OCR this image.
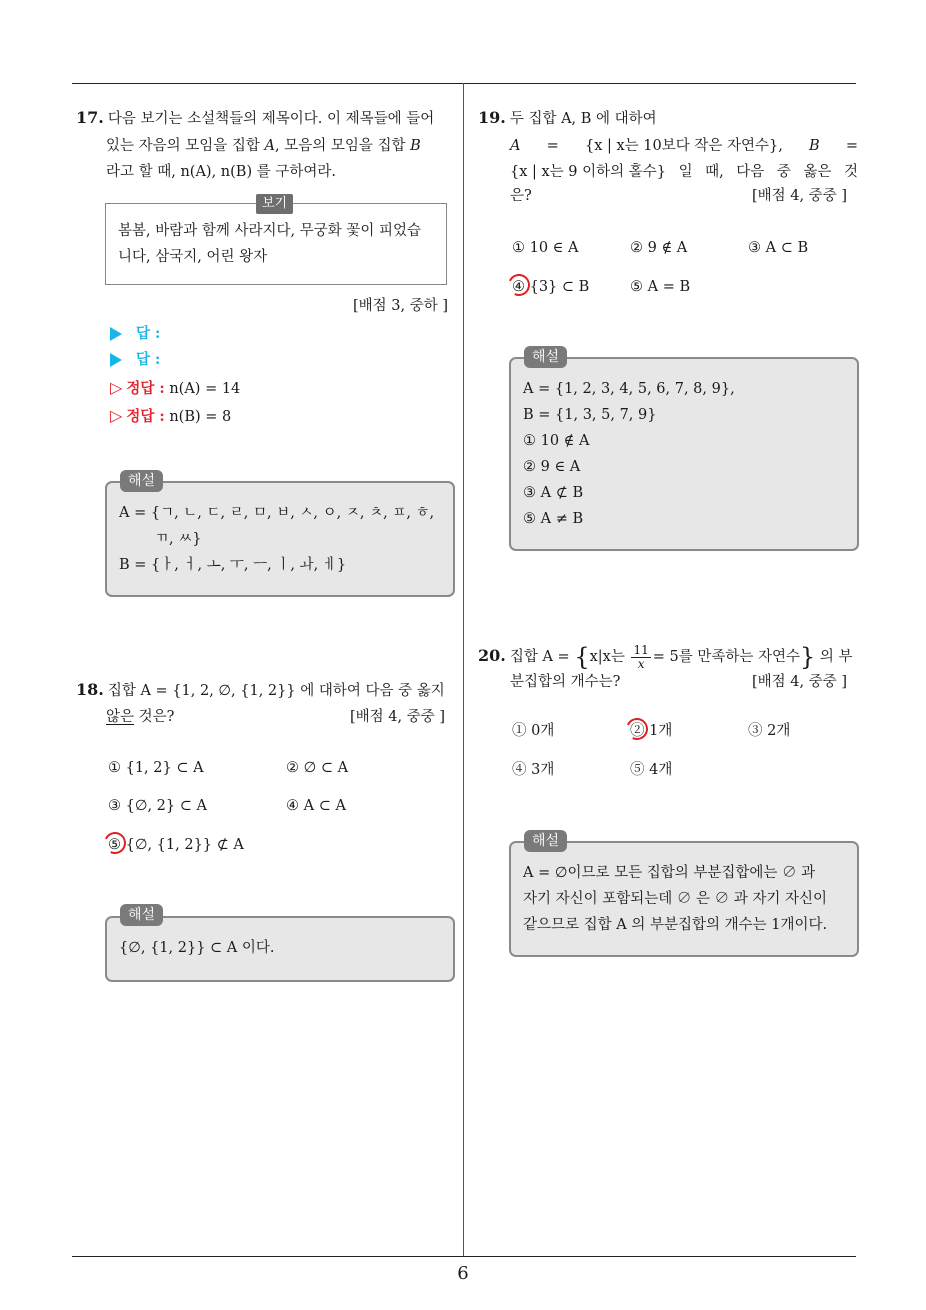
17. 다음 보기는 소설책들의 제목이다. 이 제목들에 들어
있는 자음의 모임을 집합 A, 모음의 모임을 집합 B
라고 할 때, n(A), n(B) 를 구하여라.
봄봄, 바람과 함께 사라지다, 무궁화 꽃이 피었습
니다, 삼국지, 어린 왕자
보기
[배점 3, 중하 ]
답 :
답 :
▷ 정답 : n(A) = 14
▷ 정답 : n(B) = 8
A = {ㄱ, ㄴ, ㄷ, ㄹ, ㅁ, ㅂ, ㅅ, ㅇ, ㅈ, ㅊ, ㅍ, ㅎ,
ㄲ, ㅆ}
B = {ㅏ, ㅓ, ㅗ, ㅜ, ㅡ, ㅣ, ㅘ, ㅔ}
해설
18. 집합 A = {1, 2, ∅, {1, 2}} 에 대하여 다음 중 옳지
않은 것은?	[배점 4, 중중 ]
① {1, 2} ⊂ A	② ∅ ⊂ A
③ {∅, 2} ⊂ A	④ A ⊂ A
⑤ {∅, {1, 2}} ⊄ A
{∅, {1, 2}} ⊂ A 이다.
해설
19. 두 집합 A, B 에 대하여
A = {x | x는 10보다 작은 자연수}, B =
{x | x는 9 이하의 홀수} 일 때, 다음 중 옳은 것
은?	[배점 4, 중중 ]
① 10 ∈ A	② 9 ∉ A	③ A ⊂ B
④ {3} ⊂ B	⑤ A = B
A = {1, 2, 3, 4, 5, 6, 7, 8, 9},
B = {1, 3, 5, 7, 9}
① 10 ∉ A
② 9 ∈ A
③ A ⊄ B
⑤ A ≠ B
해설
20. 집합 A = {x|x는 $\frac{11}{x} = 5$를 만족하는 자연수} 의 부
분집합의 개수는?	[배점 4, 중중 ]
① 0개	② 1개	③ 2개
④ 3개	⑤ 4개
A = ∅이므로 모든 집합의 부분집합에는 ∅ 과
자기 자신이 포함되는데 ∅ 은 ∅ 과 자기 자신이
같으므로 집합 A 의 부분집합의 개수는 1개이다.
해설
6
